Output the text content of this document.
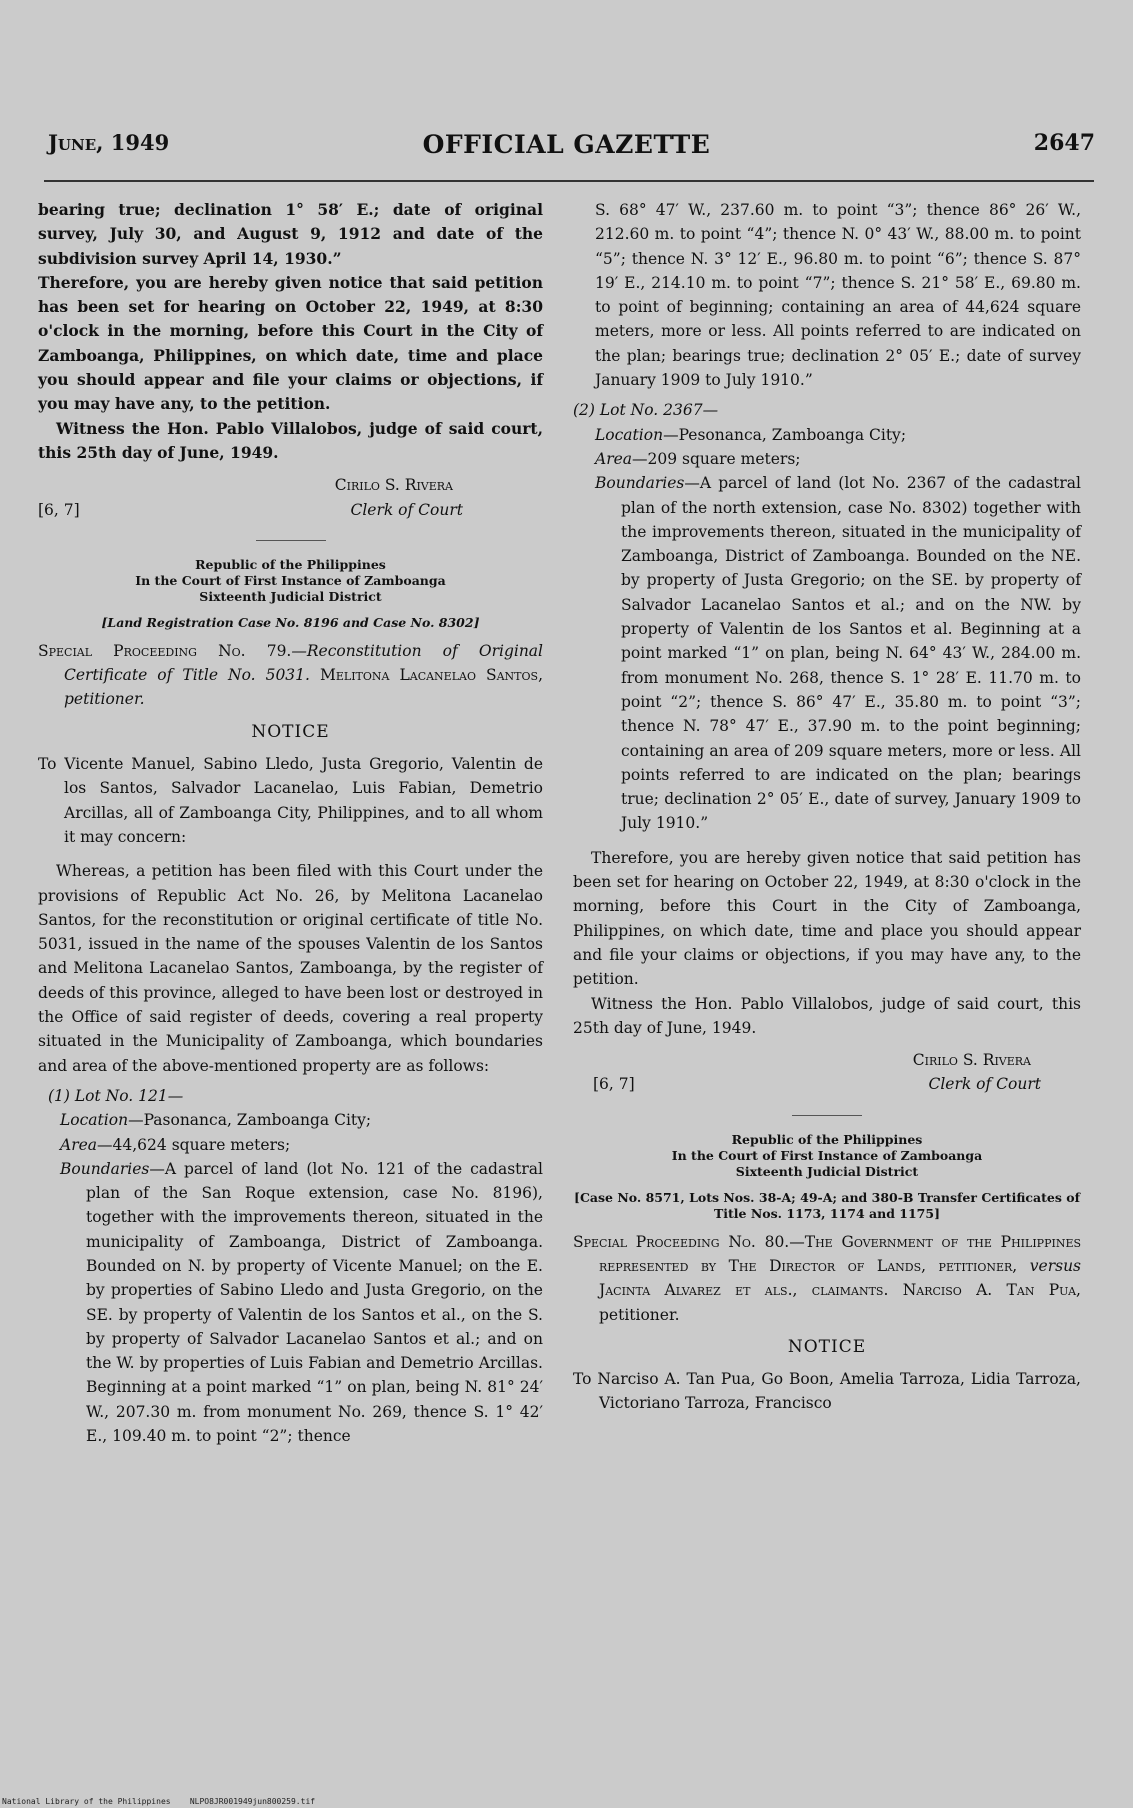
June, 1949	OFFICIAL GAZETTE	2647

bearing true; declination 1° 58′ E.; date of original survey, July 30, and August 9, 1912 and date of the subdivision survey April 14, 1930.”

Therefore, you are hereby given notice that said petition has been set for hearing on October 22, 1949, at 8:30 o'clock in the morning, before this Court in the City of Zamboanga, Philippines, on which date, time and place you should appear and file your claims or objections, if you may have any, to the petition.

Witness the Hon. Pablo Villalobos, judge of said court, this 25th day of June, 1949.

Cirilo S. Rivera
[6, 7]	Clerk of Court

Republic of the Philippines

In the Court of First Instance of Zamboanga

Sixteenth Judicial District

[Land Registration Case No. 8196 and Case No. 8302]

Special Proceeding No. 79.—Reconstitution of Original Certificate of Title No. 5031. Melitona Lacanelao Santos, petitioner.

NOTICE

To Vicente Manuel, Sabino Lledo, Justa Gregorio, Valentin de los Santos, Salvador Lacanelao, Luis Fabian, Demetrio Arcillas, all of Zamboanga City, Philippines, and to all whom it may concern:

Whereas, a petition has been filed with this Court under the provisions of Republic Act No. 26, by Melitona Lacanelao Santos, for the reconstitution or original certificate of title No. 5031, issued in the name of the spouses Valentin de los Santos and Melitona Lacanelao Santos, Zamboanga, by the register of deeds of this province, alleged to have been lost or destroyed in the Office of said register of deeds, covering a real property situated in the Municipality of Zamboanga, which boundaries and area of the above-mentioned property are as follows:

(1) Lot No. 121—

Location—Pasonanca, Zamboanga City;

Area—44,624 square meters;

Boundaries—A parcel of land (lot No. 121 of the cadastral plan of the San Roque extension, case No. 8196), together with the improvements thereon, situated in the municipality of Zamboanga, District of Zamboanga. Bounded on N. by property of Vicente Manuel; on the E. by properties of Sabino Lledo and Justa Gregorio, on the SE. by property of Valentin de los Santos et al., on the S. by property of Salvador Lacanelao Santos et al.; and on the W. by properties of Luis Fabian and Demetrio Arcillas. Beginning at a point marked “1” on plan, being N. 81° 24′ W., 207.30 m. from monument No. 269, thence S. 1° 42′ E., 109.40 m. to point “2”; thence

S. 68° 47′ W., 237.60 m. to point “3”; thence 86° 26′ W., 212.60 m. to point “4”; thence N. 0° 43′ W., 88.00 m. to point “5”; thence N. 3° 12′ E., 96.80 m. to point “6”; thence S. 87° 19′ E., 214.10 m. to point “7”; thence S. 21° 58′ E., 69.80 m. to point of beginning; containing an area of 44,624 square meters, more or less. All points referred to are indicated on the plan; bearings true; declination 2° 05′ E.; date of survey January 1909 to July 1910.”

(2) Lot No. 2367—

Location—Pesonanca, Zamboanga City;

Area—209 square meters;

Boundaries—A parcel of land (lot No. 2367 of the cadastral plan of the north extension, case No. 8302) together with the improvements thereon, situated in the municipality of Zamboanga, District of Zamboanga. Bounded on the NE. by property of Justa Gregorio; on the SE. by property of Salvador Lacanelao Santos et al.; and on the NW. by property of Valentin de los Santos et al. Beginning at a point marked “1” on plan, being N. 64° 43′ W., 284.00 m. from monument No. 268, thence S. 1° 28′ E. 11.70 m. to point “2”; thence S. 86° 47′ E., 35.80 m. to point “3”; thence N. 78° 47′ E., 37.90 m. to the point beginning; containing an area of 209 square meters, more or less. All points referred to are indicated on the plan; bearings true; declination 2° 05′ E., date of survey, January 1909 to July 1910.”

Therefore, you are hereby given notice that said petition has been set for hearing on October 22, 1949, at 8:30 o'clock in the morning, before this Court in the City of Zamboanga, Philippines, on which date, time and place you should appear and file your claims or objections, if you may have any, to the petition.

Witness the Hon. Pablo Villalobos, judge of said court, this 25th day of June, 1949.

Cirilo S. Rivera
[6, 7]	Clerk of Court

Republic of the Philippines

In the Court of First Instance of Zamboanga

Sixteenth Judicial District

[Case No. 8571, Lots Nos. 38-A; 49-A; and 380-B Transfer Certificates of Title Nos. 1173, 1174 and 1175]

Special Proceeding No. 80.—The Government of the Philippines represented by The Director of Lands, petitioner, versus Jacinta Alvarez et als., claimants. Narciso A. Tan Pua, petitioner.

NOTICE

To Narciso A. Tan Pua, Go Boon, Amelia Tarroza, Lidia Tarroza, Victoriano Tarroza, Francisco

National Library of the Philippines NLPO8JR001949jun800259.tif
